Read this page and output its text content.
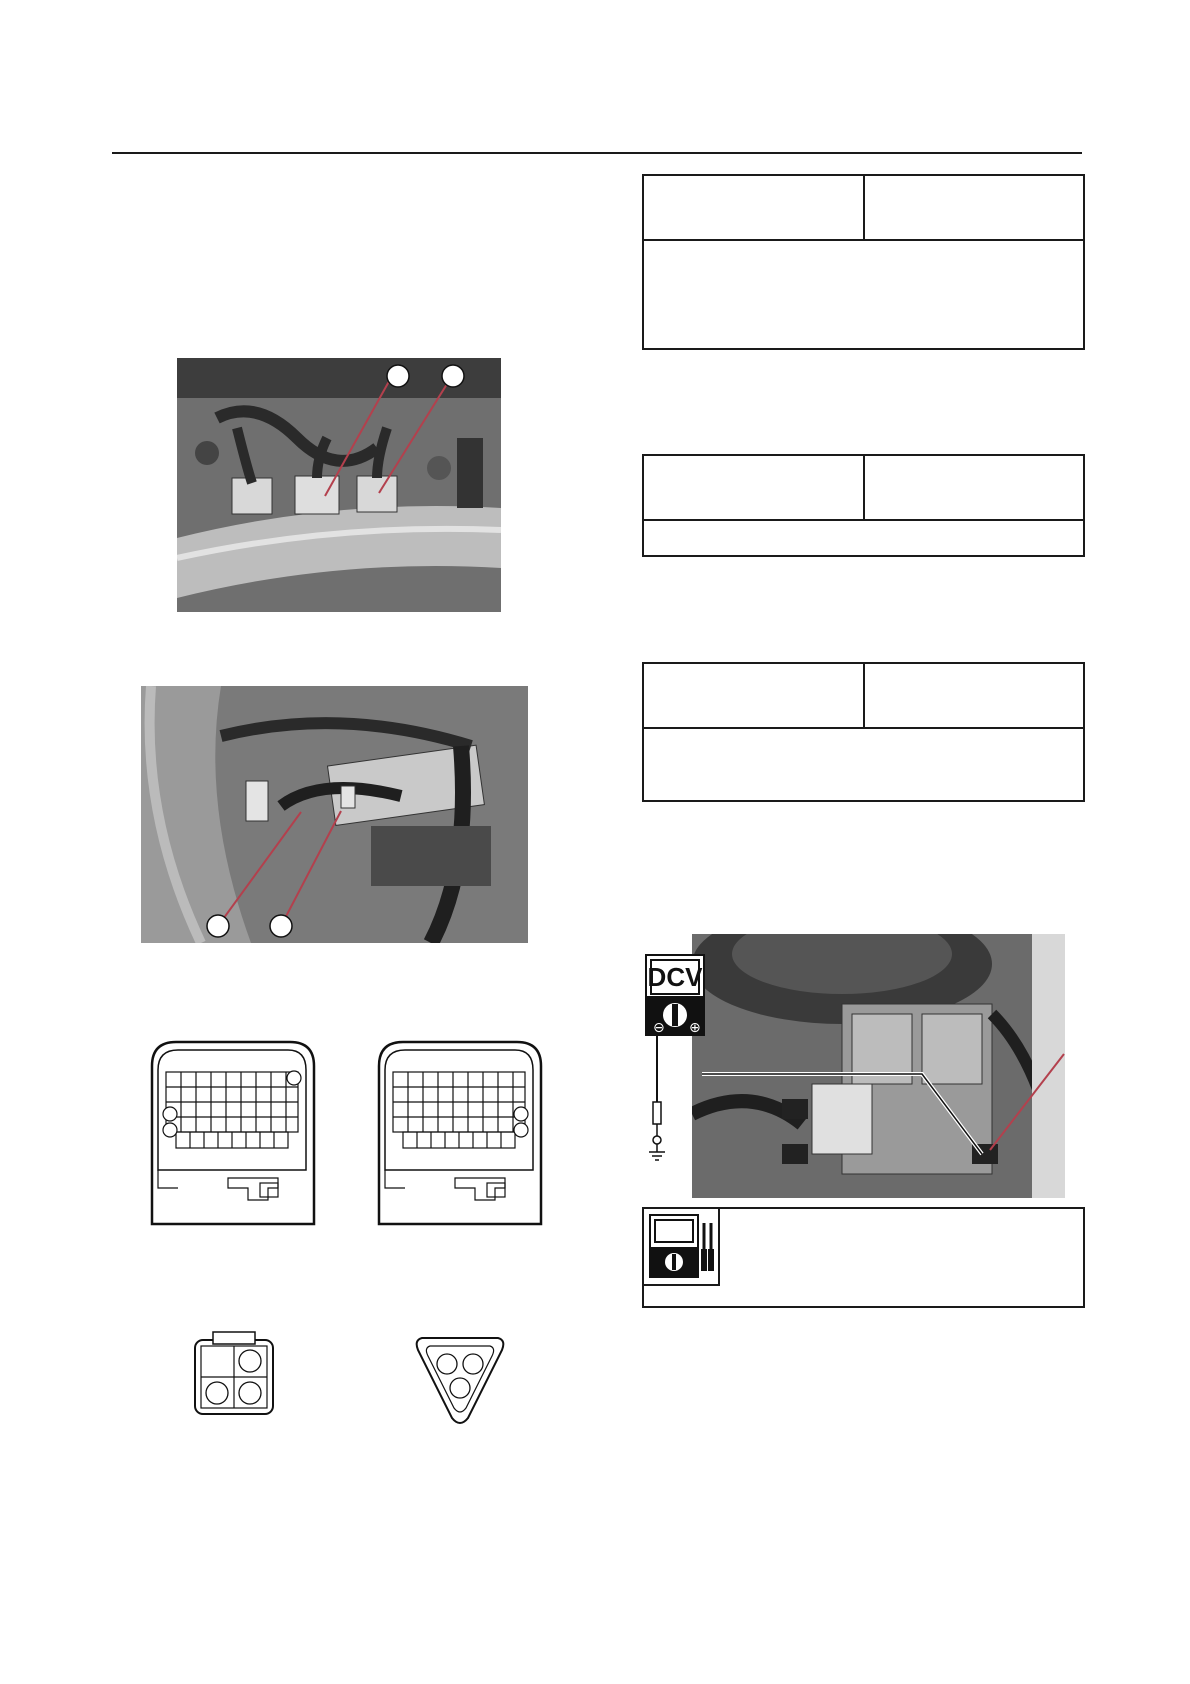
DCV
⊖ ⊕
